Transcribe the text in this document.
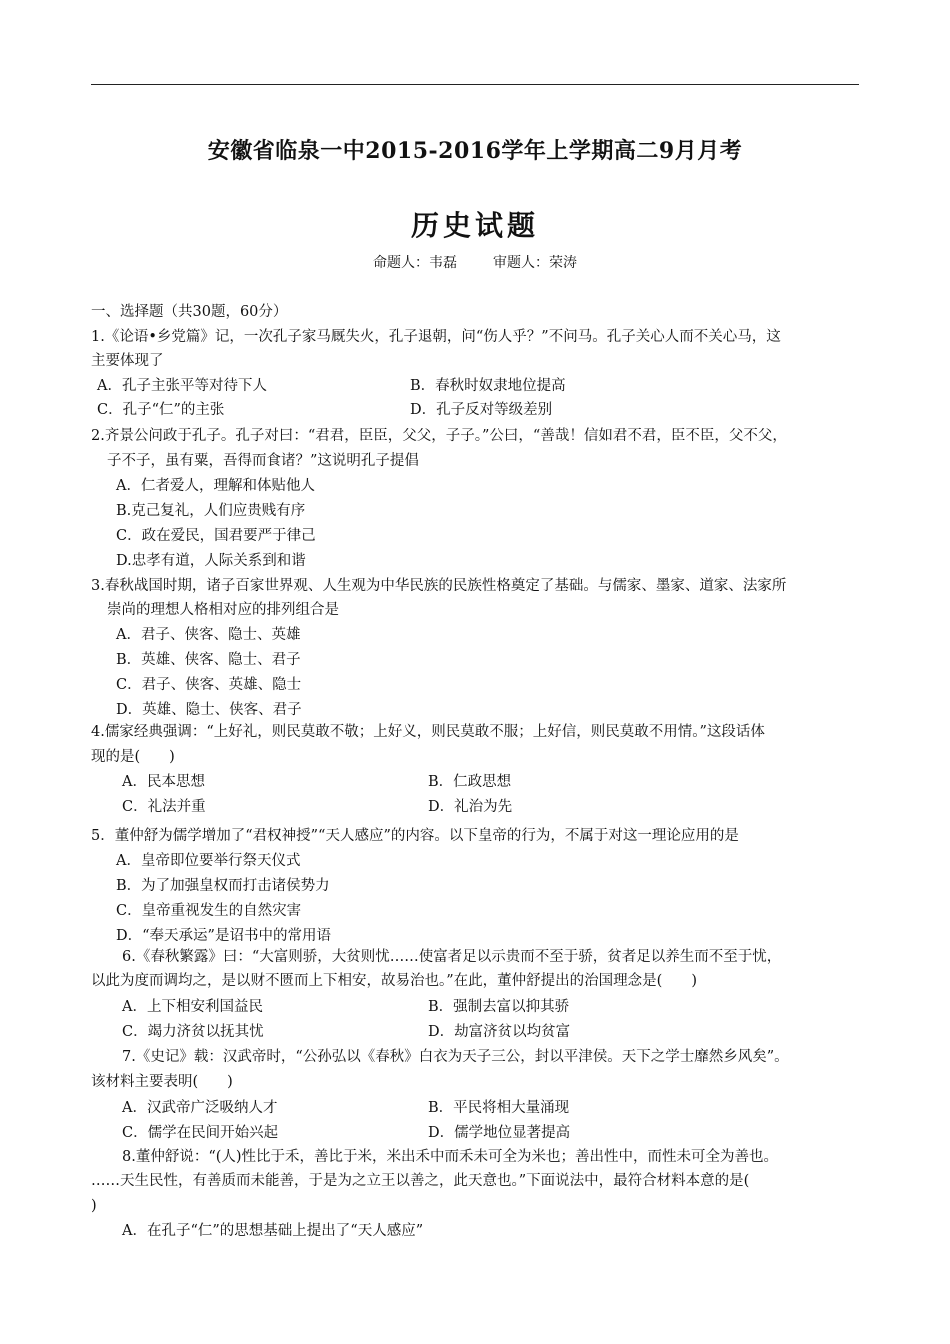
安徽省临泉一中2015-2016学年上学期高二9月月考
历史试题
命题人：韦磊	审题人：荣涛
一、选择题（共30题，60分）
1.《论语•乡党篇》记，一次孔子家马厩失火，孔子退朝，问“伤人乎？”不问马。孔子关心人而不关心马，这
主要体现了
A．孔子主张平等对待下人	B．春秋时奴隶地位提高
C．孔子“仁”的主张	D．孔子反对等级差别
2.齐景公问政于孔子。孔子对曰：“君君，臣臣，父父，子子。”公曰，“善哉！信如君不君，臣不臣，父不父，
子不子，虽有粟，吾得而食诸？”这说明孔子提倡
A．仁者爱人，理解和体贴他人
B.克己复礼，人们应贵贱有序
C．政在爱民，国君要严于律己
D.忠孝有道，人际关系到和谐
3.春秋战国时期，诸子百家世界观、人生观为中华民族的民族性格奠定了基础。与儒家、墨家、道家、法家所
崇尚的理想人格相对应的排列组合是
A．君子、侠客、隐士、英雄
B．英雄、侠客、隐士、君子
C．君子、侠客、英雄、隐士
D．英雄、隐士、侠客、君子
4.儒家经典强调：“上好礼，则民莫敢不敬；上好义，则民莫敢不服；上好信，则民莫敢不用情。”这段话体
现的是(　　)
A．民本思想	B．仁政思想
C．礼法并重	D．礼治为先
5．董仲舒为儒学增加了“君权神授”“天人感应”的内容。以下皇帝的行为，不属于对这一理论应用的是
A．皇帝即位要举行祭天仪式
B．为了加强皇权而打击诸侯势力
C．皇帝重视发生的自然灾害
D．“奉天承运”是诏书中的常用语
6.《春秋繁露》曰：“大富则骄，大贫则忧……使富者足以示贵而不至于骄，贫者足以养生而不至于忧，
以此为度而调均之，是以财不匮而上下相安，故易治也。”在此，董仲舒提出的治国理念是(　　)
A．上下相安利国益民	B．强制去富以抑其骄
C．竭力济贫以抚其忧	D．劫富济贫以均贫富
7.《史记》载：汉武帝时，“公孙弘以《春秋》白衣为天子三公，封以平津侯。天下之学士靡然乡风矣”。
该材料主要表明(　　)
A．汉武帝广泛吸纳人才	B．平民将相大量涌现
C．儒学在民间开始兴起	D．儒学地位显著提高
8.董仲舒说：“(人)性比于禾，善比于米，米出禾中而禾未可全为米也；善出性中，而性未可全为善也。
……天生民性，有善质而未能善，于是为之立王以善之，此天意也。”下面说法中，最符合材料本意的是(
)
A．在孔子“仁”的思想基础上提出了“天人感应”
